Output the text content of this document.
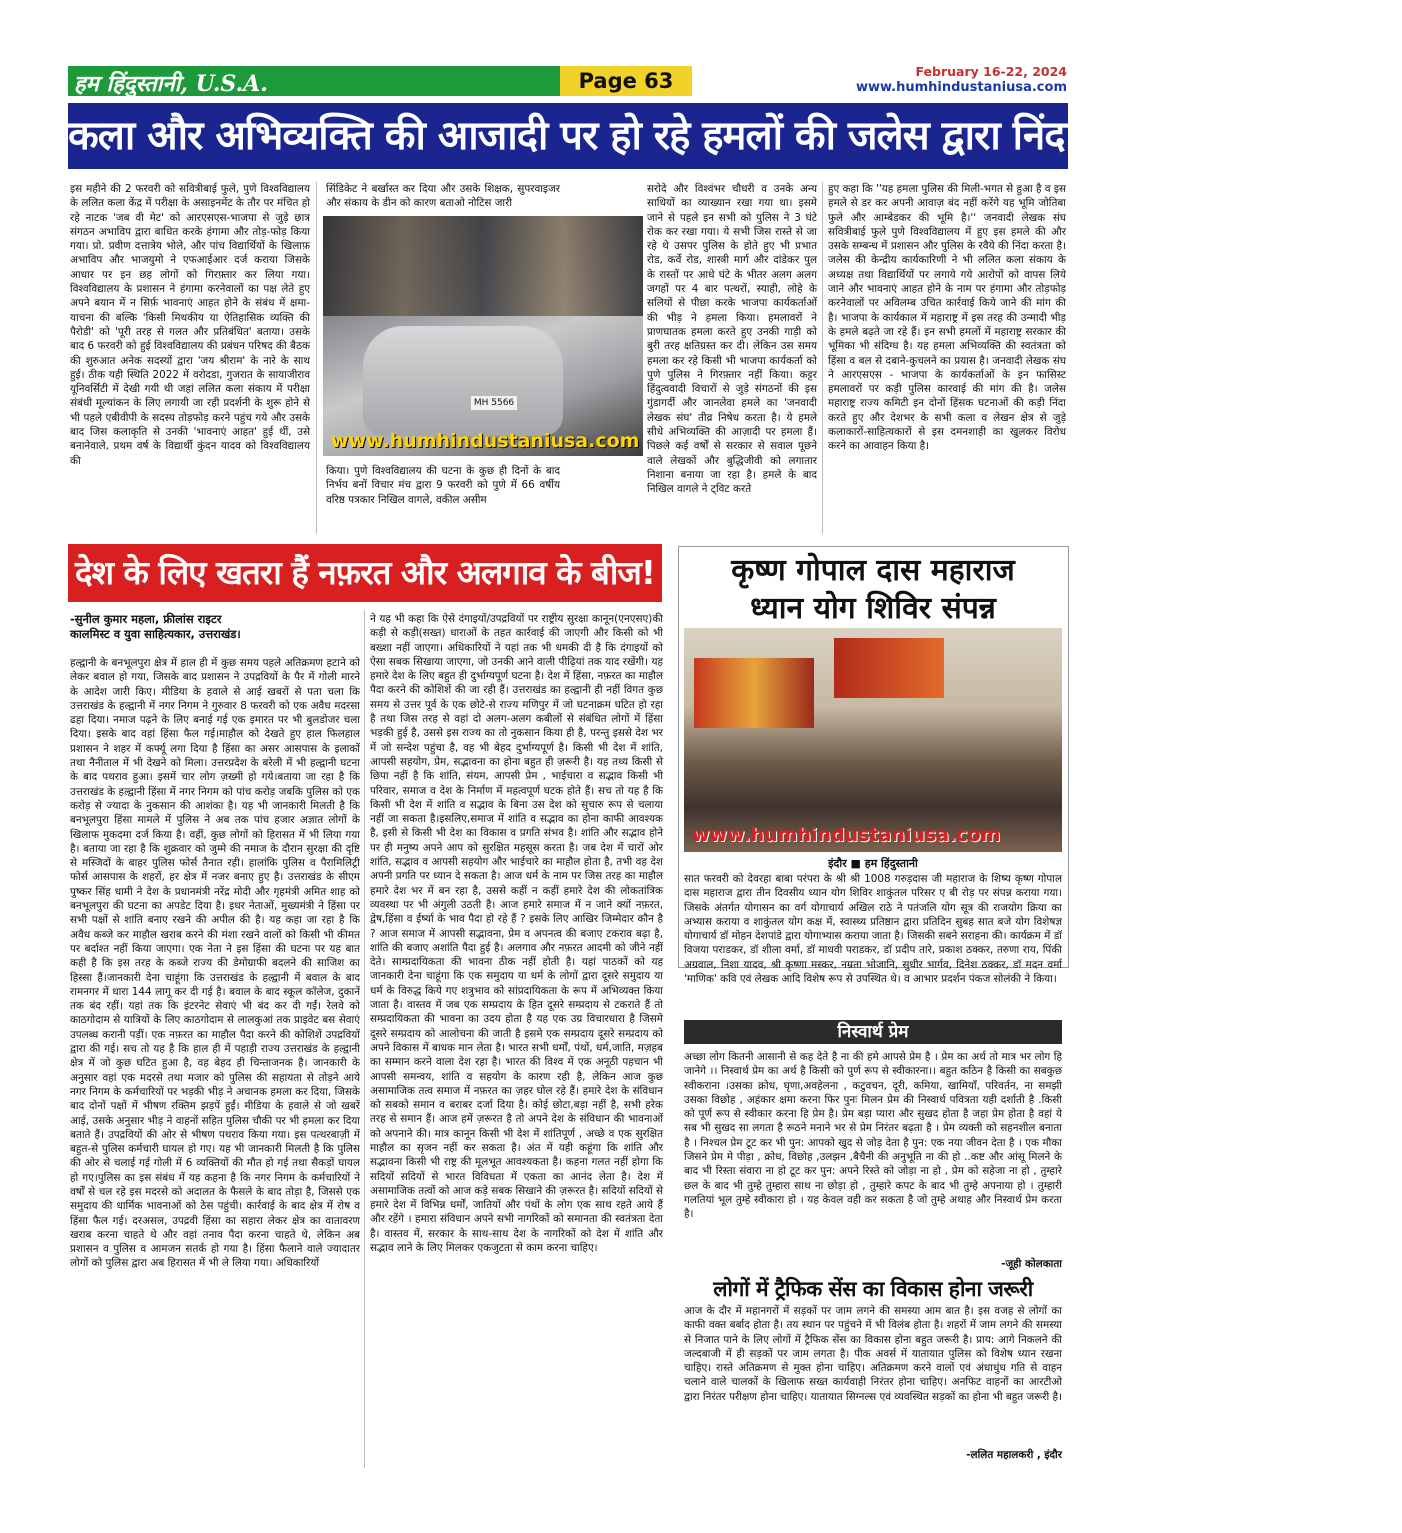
हम हिंदुस्तानी, U.S.A.	Page 63	February 16-22, 2024
www.humhindustaniusa.com
कला और अभिव्यक्ति की आजादी पर हो रहे हमलों की जलेस द्वारा निंदा, कड़ी कारवाई की मांग
इस महीने की 2 फरवरी को सवित्रीबाई फुले, पुणे विश्वविद्यालय के ललित कला केंद्र में परीक्षा के असाइनमेंट के तौर पर मंचित हो रहे नाटक 'जब वी मेट' को आरएसएस-भाजपा से जुड़े छात्र संगठन अभाविप द्वारा बाधित करके हंगामा और तोड़-फोड़ किया गया। प्रो. प्रवीण दत्तात्रेय भोले, और पांच विद्यार्थियों के खिलाफ़ अभाविप और भाजयुमो ने एफआईआर दर्ज कराया जिसके आधार पर इन छह लोगों को गिरफ़्तार कर लिया गया। विश्वविद्यालय के प्रशासन ने हंगामा करनेवालों का पक्ष लेते हुए अपने बयान में न सिर्फ़ भावनाएं आहत होने के संबंध में क्षमा-याचना की बल्कि 'किसी मिथकीय या ऐतिहासिक व्यक्ति की पैरोडी' को 'पूरी तरह से गलत और प्रतिबंधित' बताया। उसके बाद 6 फरवरी को हुई विश्वविद्यालय की प्रबंधन परिषद की बैठक की शुरुआत अनेक सदस्यों द्वारा 'जय श्रीराम' के नारे के साथ हुई। ठीक यही स्थिति 2022 में वरोदडा, गुजरात के सायाजीराव यूनिवर्सिटी में देखी गयी थी जहां ललित कला संकाय में परीक्षा संबंधी मूल्यांकन के लिए लगायी जा रही प्रदर्शनी के शुरू होने से भी पहले एबीवीपी के सदस्य तोड़फोड़ करने पहुंच गये और उसके बाद जिस कलाकृति से उनकी 'भावनाएं आहत' हुई थीं, उसे बनानेवाले, प्रथम वर्ष के विद्यार्थी कुंदन यादव को विश्वविद्यालय की
सिंडिकेट ने बर्खास्त कर दिया और उसके शिक्षक, सुपरवाइजर और संकाय के डीन को कारण बताओ नोटिस जारी
MH 5566
www.humhindustaniusa.com
किया। पुणे विश्वविद्यालय की घटना के कुछ ही दिनों के बाद निर्भय बनों विचार मंच द्वारा 9 फरवरी को पुणे में 66 वर्षीय वरिष्ठ पत्रकार निखिल वागले, वकील असीम
सरोदे और विश्वंभर चौधरी व उनके अन्य साथियों का व्याख्यान रखा गया था। इसमे जाने से पहले इन सभी को पुलिस ने 3 घंटे रोक कर रखा गया। ये सभी जिस रास्ते से जा रहे थे उसपर पुलिस के होते हुए भी प्रभात रोड, कर्वे रोड, शास्त्री मार्ग और दांडेकर पुल के रास्तों पर आधे घंटे के भीतर अलग अलग जगहों पर 4 बार पत्थरों, स्याही, लोहे के सलियों से पीछा करके भाजपा कार्यकर्ताओं की भीड़ ने हमला किया। हमलावरों ने प्राणघातक हमला करते हुए उनकी गाड़ी को बुरी तरह क्षतिग्रस्त कर दी। लेकिन उस समय हमला कर रहे किसी भी भाजपा कार्यकर्ता को पुणे पुलिस ने गिरफ़्तार नहीं किया। कट्टर हिंदुत्ववादी विचारों से जुड़े संगठनों की इस गुंडागर्दी और जानलेवा हमले का 'जनवादी लेखक संघ' तीव्र निषेध करता है। ये हमले सीधे अभिव्यक्ति की आज़ादी पर हमला हैं। पिछले कई वर्षों से सरकार से सवाल पूछने वाले लेखकों और बुद्धिजीवी को लगातार निशाना बनाया जा रहा है। हमले के बाद निखिल वागले ने ट्विट करते
हुए कहा कि ''यह हमला पुलिस की मिली-भगत से हुआ है व इस हमले से डर कर अपनी आवाज़ बंद नहीं करेंगे यह भूमि जोतिबा फुले और आम्बेडकर की भूमि है।'' जनवादी लेखक संघ सवित्रीबाई फुले पुणे विश्वविद्यालय में हुए इस हमले की और उसके सम्बन्ध में प्रशासन और पुलिस के रवैये की निंदा करता है। जलेस की केन्द्रीय कार्यकारिणी ने भी ललित कला संकाय के अध्यक्ष तथा विद्यार्थियों पर लगाये गये आरोपों को वापस लिये जाने और भावनाएं आहत होने के नाम पर हंगामा और तोड़फोड़ करनेवालों पर अविलम्ब उचित कार्रवाई किये जाने की मांग की है। भाजपा के कार्यकाल में महाराष्ट्र में इस तरह की उन्मादी भीड़ के हमले बढ़ते जा रहे हैं। इन सभी हमलों में महाराष्ट्र सरकार की भूमिका भी संदिग्ध है। यह हमला अभिव्यक्ति की स्वतंत्रता को हिंसा व बल से दबाने-कुचलने का प्रयास है। जनवादी लेखक संघ ने आरएसएस - भाजपा के कार्यकर्ताओं के इन फासिस्ट हमलावरों पर कड़ी पुलिस कारवाई की मांग की है। जलेस महाराष्ट्र राज्य कमिटी इन दोनों हिंसक घटनाओं की कड़ी निंदा करते हुए और देशभर के सभी कला व लेखन क्षेत्र से जुड़े कलाकारों-साहित्यकारों से इस दमनशाही का खुलकर विरोध करने का आवाहन किया है।
देश के लिए खतरा हैं नफ़रत और अलगाव के बीज!
-सुनील कुमार महला, फ्रीलांस राइटर
कालमिस्ट व युवा साहित्यकार, उत्तराखंड।
हल्द्वानी के बनभूलपुरा क्षेत्र में हाल ही में कुछ समय पहले अतिक्रमण हटाने को लेकर बवाल हो गया, जिसके बाद प्रशासन ने उपद्रवियों के पैर में गोली मारने के आदेश जारी किए। मीडिया के हवाले से आई खबरों से पता चला कि उत्तराखंड के हल्द्वानी में नगर निगम ने गुरुवार 8 फरवरी को एक अवैध मदरसा ढहा दिया। नमाज पढ़ने के लिए बनाई गई एक इमारत पर भी बुलडोजर चला दिया। इसके बाद वहां हिंसा फैल गई।माहौल को देखते हुए हाल फिलहाल प्रशासन ने शहर में कर्फ्यू लगा दिया है हिंसा का असर आसपास के इलाकों तथा नैनीताल में भी देखने को मिला। उत्तरप्रदेश के बरेली में भी हल्द्वानी घटना के बाद पथराव हुआ। इसमें चार लोग ज़ख्मी हो गये।बताया जा रहा है कि उत्तराखंड के हल्द्वानी हिंसा में नगर निगम को पांच करोड़ जबकि पुलिस को एक करोड़ से ज्यादा के नुकसान की आशंका है। यह भी जानकारी मिलती है कि बनभूलपुरा हिंसा मामले में पुलिस ने अब तक पांच हजार अज्ञात लोगों के खिलाफ मुकदमा दर्ज किया है। वहीं, कुछ लोगों को हिरासत में भी लिया गया है। बताया जा रहा है कि शुक्रवार को जुम्मे की नमाज के दौरान सुरक्षा की दृष्टि से मस्जिदों के बाहर पुलिस फोर्स तैनात रही। हालांकि पुलिस व पैरामिलिट्री फोर्स आसपास के शहरों, हर क्षेत्र में नजर बनाए हुए है। उत्तराखंड के सीएम पुष्कर सिंह धामी ने देश के प्रधानमंत्री नरेंद्र मोदी और गृहमंत्री अमित शाह को बनभूलपुरा की घटना का अपडेट दिया है। इधर नेताओं, मुख्यमंत्री ने हिंसा पर सभी पक्षों से शांति बनाए रखने की अपील की है। यह कहा जा रहा है कि अवैध कब्जे कर माहौल खराब करने की मंशा रखने वालों को किसी भी कीमत पर बर्दाश्त नहीं किया जाएगा। एक नेता ने इस हिंसा की घटना पर यह बात कही है कि इस तरह के कब्जे राज्य की डेमोग्राफी बदलने की साजिश का हिस्सा हैं।जानकारी देना चाहूंगा कि उत्तराखंड के हल्द्वानी में बवाल के बाद रामनगर में धारा 144 लागू कर दी गई है। बवाल के बाद स्कूल कॉलेज, दुकानें तक बंद रहीं। यहां तक कि इंटरनेट सेवाएं भी बंद कर दी गईं। रेलवे को काठगोदाम से यात्रियों के लिए काठगोदाम से लालकुआं तक प्राइवेट बस सेवाएं उपलब्ध करानी पड़ीं। एक नफ़रत का माहौल पैदा करने की कोशिशें उपद्रवियों द्वारा की गई। सच तो यह है कि हाल ही में पहाड़ी राज्य उत्तराखंड के हल्द्वानी क्षेत्र में जो कुछ घटित हुआ है, वह बेहद ही चिन्ताजनक है। जानकारी के अनुसार वहां एक मदरसे तथा मजार को पुलिस की सहायता से तोड़ने आये नगर निगम के कर्मचारियों पर भड़की भीड़ ने अचानक हमला कर दिया, जिसके बाद दोनों पक्षों में भीषण रक्तिम झड़पें हुईं। मीडिया के हवाले से जो खबरें आई, उसके अनुसार भीड़ ने वाहनों सहित पुलिस चौकी पर भी हमला कर दिया बताते हैं। उपद्रवियों की ओर से भीषण पथराव किया गया। इस पत्थरबाज़ी में बहुत-से पुलिस कर्मचारी घायल हो गए। यह भी जानकारी मिलती है कि पुलिस की ओर से चलाई गई गोली में 6 व्यक्तियों की मौत हो गई तथा सैकड़ों घायल हो गए।पुलिस का इस संबंध में यह कहना है कि नगर निगम के कर्मचारियों ने वर्षों से चल रहे इस मदरसे को अदालत के फैसले के बाद तोड़ा है, जिससे एक समुदाय की धार्मिक भावनाओं को ठेस पहुंची। कार्रवाई के बाद क्षेत्र में रोष व हिंसा फैल गई। दरअसल, उपद्रवी हिंसा का सहारा लेकर क्षेत्र का वातावरण खराब करना चाहते थे और वहां तनाव पैदा करना चाहते थे, लेकिन अब प्रशासन व पुलिस व आमजन सतर्क हो गया है। हिंसा फैलाने वाले ज्यादातर लोगों को पुलिस द्वारा अब हिरासत में भी ले लिया गया। अधिकारियों
ने यह भी कहा कि ऐसे दंगाइयों/उपद्रवियों पर राष्ट्रीय सुरक्षा कानून(एनएसए)की कड़ी से कड़ी(सख्त) धाराओं के तहत कार्रवाई की जाएगी और किसी को भी बख्शा नहीं जाएगा। अधिकारियों ने यहां तक भी धमकी दी है कि दंगाइयों को ऐसा सबक सिखाया जाएगा, जो उनकी आने वाली पीढ़ियां तक याद रखेंगी। यह हमारे देश के लिए बहुत ही दुर्भाग्यपूर्ण घटना है। देश में हिंसा, नफ़रत का माहौल पैदा करने की कोशिशें की जा रही हैं। उत्तराखंड का हल्द्वानी ही नहीं विगत कुछ समय से उत्तर पूर्व के एक छोटे-से राज्य मणिपुर में जो घटनाक्रम घटित हो रहा है तथा जिस तरह से वहां दो अलग-अलग कबीलों से संबंधित लोगों में हिंसा भड़की हुई है, उससे इस राज्य का तो नुकसान किया ही है, परन्तु इससे देश भर में जो सन्देश पहुंचा है, वह भी बेहद दुर्भाग्यपूर्ण है। किसी भी देश में शांति, आपसी सहयोग, प्रेम, सद्भावना का होना बहुत ही ज़रूरी है। यह तथ्य किसी से छिपा नहीं है कि शांति, संयम, आपसी प्रेम , भाईचारा व सद्भाव किसी भी परिवार, समाज व देश के निर्माण में महत्वपूर्ण घटक होते हैं। सच तो यह है कि किसी भी देश में शांति व सद्भाव के बिना उस देश को सुचारु रूप से चलाया नहीं जा सकता है।इसलिए,समाज में शांति व सद्भाव का होना काफी आवश्यक है, इसी से किसी भी देश का विकास व प्रगति संभव है। शांति और सद्भाव होने पर ही मनुष्य अपने आप को सुरक्षित महसूस करता है। जब देश में चारों ओर शांति, सद्भाव व आपसी सहयोग और भाईचारे का माहौल होता है, तभी वह देश अपनी प्रगति पर ध्यान दे सकता है। आज धर्म के नाम पर जिस तरह का माहौल हमारे देश भर में बन रहा है, उससे कहीं न कहीं हमारे देश की लोकतांत्रिक व्यवस्था पर भी अंगुली उठती है। आज हमारे समाज में न जाने क्यों नफ़रत, द्वेष,हिंसा व ईर्ष्या के भाव पैदा हो रहे हैं ? इसके लिए आखिर जिम्मेदार कौन है ? आज समाज में आपसी सद्भावना, प्रेम व अपनत्व की बजाए टकराव बढ़ा है, शांति की बजाए अशांति पैदा हुई है। अलगाव और नफ़रत आदमी को जीने नहीं देते। साम्प्रदायिकता की भावना ठीक नहीं होती है। यहां पाठकों को यह जानकारी देना चाहूंगा कि एक समुदाय या धर्म के लोगों द्वारा दूसरे समुदाय या धर्म के विरुद्ध किये गए शत्रुभाव को सांप्रदायिकता के रूप में अभिव्यक्त किया जाता है। वास्तव में जब एक सम्प्रदाय के हित दूसरे सम्प्रदाय से टकराते हैं तो सम्प्रदायिकता की भावना का उदय होता है यह एक उग्र विचारधारा है जिसमे दूसरे सम्प्रदाय को आलोचना की जाती है इसमे एक सम्प्रदाय दूसरे सम्प्रदाय को अपने विकास में बाधक मान लेता है। भारत सभी धर्मों, पंथों, धर्म,जाति, मज़हब का सम्मान करने वाला देश रहा है। भारत की विश्व में एक अनूठी पहचान भी आपसी समन्वय, शांति व सहयोग के कारण रही है, लेकिन आज कुछ असामाजिक तत्व समाज में नफ़रत का ज़हर घोल रहे हैं। हमारे देश के संविधान को सबको समान व बराबर दर्जा दिया है। कोई छोटा,बड़ा नहीं है, सभी हरेक तरह से समान हैं। आज हमें ज़रूरत है तो अपने देश के संविधान की भावनाओं को अपनाने की। मात्र कानून किसी भी देश में शांतिपूर्ण , अच्छे व एक सुरक्षित माहौल का सृजन नहीं कर सकता है। अंत में यही कहूंगा कि शांति और सद्भावना किसी भी राष्ट्र की मूलभूत आवश्यकता है। कहना गलत नहीं होगा कि सदियों सदियों से भारत विविधता में एकता का आनंद लेता है। देश में असामाजिक तत्वों को आज कड़े सबक सिखाने की ज़रूरत है। सदियों सदियों से हमारे देश में विभिन्न धर्मों, जातियों और पंथों के लोग एक साथ रहते आये हैं और रहेंगे । हमारा संविधान अपने सभी नागरिकों को समानता की स्वतंत्रता देता है। वास्तव में, सरकार के साथ-साथ देश के नागरिकों को देश में शांति और सद्भाव लाने के लिए मिलकर एकजुटता से काम करना चाहिए।
कृष्ण गोपाल दास महाराज
ध्यान योग शिविर संपन्न
www.humhindustaniusa.com
इंदौर ■ हम हिंदुस्तानी
सात फरवरी को देवरहा बाबा परंपरा के श्री श्री 1008 गरुड़दास जी महाराज के शिष्य कृष्ण गोपाल दास महाराज द्वारा तीन दिवसीय ध्यान योग शिविर शाकुंतल परिसर ए बी रोड़ पर संपन्न कराया गया। जिसके अंतर्गत योगासन का वर्ग योगाचार्य अखिल राठे ने पतंजलि योग सूत्र की राजयोग क्रिया का अभ्यास कराया व शाकुंतल योग कक्ष में, स्वास्थ्य प्रतिष्ठान द्वारा प्रतिदिन सुबह सात बजे योग विशेषज्ञ योगाचार्य डॉ मोहन देशपांडे द्वारा योगाभ्यास कराया जाता है। जिसकी सबने सराहना की। कार्यक्रम में डॉ विजया पराडकर, डॉ शीला वर्मा, डॉ माधवी पराडकर, डॉ प्रदीप तारे, प्रकाश ठक्कर, तरुणा राय, पिंकी अग्रवाल, निशा यादव, श्री कृष्णा मस्कर, नम्रता भोजानि, सुधीर भार्गव, दिनेश ठक्कर, डॉ मदन वर्मा 'माणिक' कवि एवं लेखक आदि विशेष रूप से उपस्थित थे। व आभार प्रदर्शन पंकज सोलंकी ने किया।
निस्वार्थ प्रेम
अच्छा लोग कितनी आसानी से कह देते है ना की हमे आपसे प्रेम है । प्रेम का अर्थ तो मात्र भर लोग हि जानेगे ।। निस्वार्थ प्रेम का अर्थ है किसी को पुर्ण रूप से स्वीकारना।। बहुत कठिन है किसी का सबकुछ स्वीकराना ।उसका क्रोध, घृणा,अवहेलना , कटुवचन, दूरी, कमिया, खामियाँ, परिवर्तन, ना समझी उसका विछोह , अहंकार क्षमा करना फिर पुनः मिलन प्रेम की निस्वार्थ पवित्रता यही दर्शाती है .किसी को पूर्ण रूप से स्वीकार करना हि प्रेम है। प्रेम बड़ा प्यारा और सुखद होता है जहा प्रेम होता है वहां ये सब भी सुखद सा लगता है रूठने मनाने भर से प्रेम निरंतर बढ़ता है । प्रेम व्यक्ती को सहनशील बनाता है । निश्चल प्रेम टूट कर भी पुन: आपको खुद से जोड़ देता है पुन: एक नया जीवन देता है । एक मौका जिसने प्रेम मे पीड़ा , क्रोध, विछोह ,उलझन ,बैचैनी की अनुभूति ना की हो ..कष्ट और आंसू मिलने के बाद भी रिस्ता संवारा ना हो टूट कर पुन: अपने रिस्ते को जोड़ा ना हो , प्रेम को सहेजा ना हो , तुम्हारे छल के बाद भी तुम्हे तुम्हारा साथ ना छोड़ा हो , तुम्हारे कपट के बाद भी तुम्हे अपनाया हो । तुम्हारी गलतियां भूल तुम्हे स्वीकारा हो । यह केवल वही कर सकता है जो तुम्हे अथाह और निस्वार्थ प्रेम करता है।
-जूही कोलकाता
लोगों में ट्रैफिक सेंस का विकास होना जरूरी
आज के दौर में महानगरों में सड़कों पर जाम लगने की समस्या आम बात है। इस वजह से लोगों का काफी वक्त बर्बाद होता है। तय स्थान पर पहुंचने में भी विलंब होता है। शहरों में जाम लगने की समस्या से निजात पाने के लिए लोगों में ट्रैफिक सेंस का विकास होना बहुत जरूरी है। प्राय: आगे निकलने की जल्दबाजी में ही सड़कों पर जाम लगता है। पीक अवर्स में यातायात पुलिस को विशेष ध्यान रखना चाहिए। रास्ते अतिक्रमण से मुक्त होना चाहिए। अतिक्रमण करने वालों एवं अंधाधुंध गति से वाहन चलाने वाले चालकों के खिलाफ सख्त कार्यवाही निरंतर होना चाहिए। अनफिट वाहनों का आरटीओ द्वारा निरंतर परीक्षण होना चाहिए। यातायात सिग्नल्स एवं व्यवस्थित सड़कों का होना भी बहुत जरूरी है।
-ललित महालकरी , इंदौर
